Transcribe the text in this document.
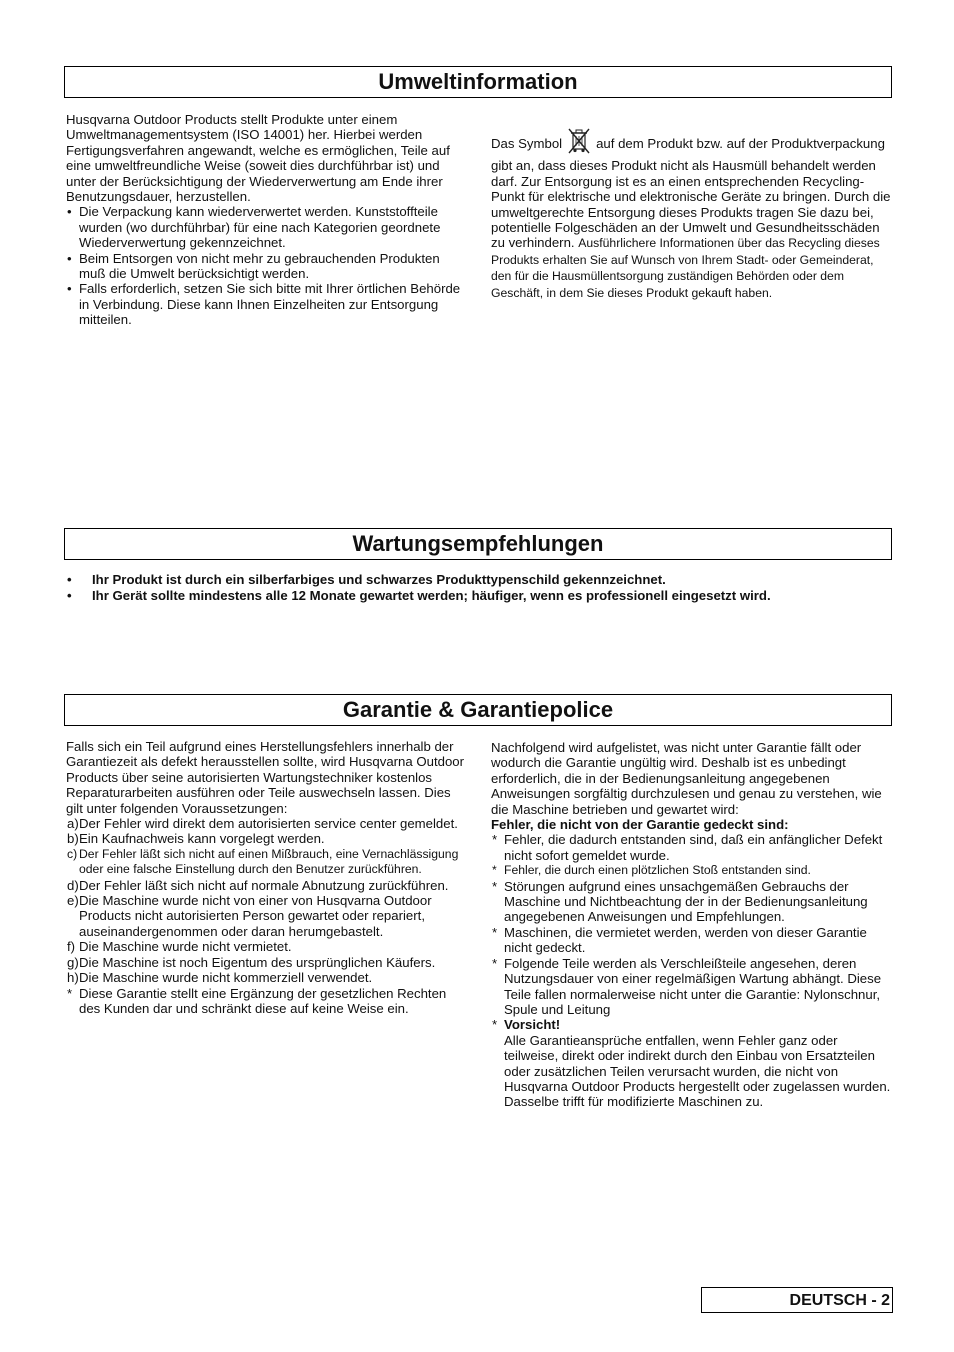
Umweltinformation

Husqvarna Outdoor Products stellt Produkte unter einem Umweltmanagementsystem (ISO 14001) her. Hierbei werden Fertigungsverfahren angewandt, welche es ermöglichen, Teile auf eine umweltfreundliche Weise (soweit dies durchführbar ist) und unter der Berücksichtigung der Wiederverwertung am Ende ihrer Benutzungsdauer, herzustellen.

• Die Verpackung kann wiederverwertet werden. Kunststoffteile wurden (wo durchführbar) für eine nach Kategorien geordnete Wiederverwertung gekennzeichnet.
• Beim Entsorgen von nicht mehr zu gebrauchenden Produkten muß die Umwelt berücksichtigt werden.
• Falls erforderlich, setzen Sie sich bitte mit Ihrer örtlichen Behörde in Verbindung. Diese kann Ihnen Einzelheiten zur Entsorgung mitteilen.

Das Symbol	auf dem Produkt bzw. auf der Produktverpackung gibt an, dass dieses Produkt nicht als Hausmüll behandelt werden darf. Zur Entsorgung ist es an einen entsprechenden Recycling-Punkt für elektrische und elektronische Geräte zu bringen. Durch die umweltgerechte Entsorgung dieses Produkts tragen Sie dazu bei, potentielle Folgeschäden an der Umwelt und Gesundheitsschäden zu verhindern. Ausführlichere Informationen über das Recycling dieses Produkts erhalten Sie auf Wunsch von Ihrem Stadt- oder Gemeinderat, den für die Hausmüllentsorgung zuständigen Behörden oder dem Geschäft, in dem Sie dieses Produkt gekauft haben.

Wartungsempfehlungen
• Ihr Produkt ist durch ein silberfarbiges und schwarzes Produkttypenschild gekennzeichnet.
• Ihr Gerät sollte mindestens alle 12 Monate gewartet werden; häufiger, wenn es professionell eingesetzt wird.
Garantie & Garantiepolice

Falls sich ein Teil aufgrund eines Herstellungsfehlers innerhalb der Garantiezeit als defekt herausstellen sollte, wird Husqvarna Outdoor Products über seine autorisierten Wartungstechniker kostenlos Reparaturarbeiten ausführen oder Teile auswechseln lassen. Dies gilt unter folgenden Voraussetzungen:

a) Der Fehler wird direkt dem autorisierten service center gemeldet.
b) Ein Kaufnachweis kann vorgelegt werden.
c) Der Fehler läßt sich nicht auf einen Mißbrauch, eine Vernachlässigung oder eine falsche Einstellung durch den Benutzer zurückführen.
d) Der Fehler läßt sich nicht auf normale Abnutzung zurückführen.
e) Die Maschine wurde nicht von einer von Husqvarna Outdoor Products nicht autorisierten Person gewartet oder repariert, auseinandergenommen oder daran herumgebastelt.
f) Die Maschine wurde nicht vermietet.
g) Die Maschine ist noch Eigentum des ursprünglichen Käufers.
h) Die Maschine wurde nicht kommerziell verwendet.
* Diese Garantie stellt eine Ergänzung der gesetzlichen Rechten des Kunden dar und schränkt diese auf keine Weise ein.

Nachfolgend wird aufgelistet, was nicht unter Garantie fällt oder wodurch die Garantie ungültig wird. Deshalb ist es unbedingt erforderlich, die in der Bedienungsanleitung angegebenen Anweisungen sorgfältig durchzulesen und genau zu verstehen, wie die Maschine betrieben und gewartet wird:

Fehler, die nicht von der Garantie gedeckt sind:

* Fehler, die dadurch entstanden sind, daß ein anfänglicher Defekt nicht sofort gemeldet wurde.
* Fehler, die durch einen plötzlichen Stoß entstanden sind.
* Störungen aufgrund eines unsachgemäßen Gebrauchs der Maschine und Nichtbeachtung der in der Bedienungsanleitung angegebenen Anweisungen und Empfehlungen.
* Maschinen, die vermietet werden, werden von dieser Garantie nicht gedeckt.
* Folgende Teile werden als Verschleißteile angesehen, deren Nutzungsdauer von einer regelmäßigen Wartung abhängt. Diese Teile fallen normalerweise nicht unter die Garantie: Nylonschnur, Spule und Leitung
* Vorsicht!
Alle Garantieansprüche entfallen, wenn Fehler ganz oder teilweise, direkt oder indirekt durch den Einbau von Ersatzteilen oder zusätzlichen Teilen verursacht wurden, die nicht von Husqvarna Outdoor Products hergestellt oder zugelassen wurden. Dasselbe trifft für modifizierte Maschinen zu.
DEUTSCH - 2
